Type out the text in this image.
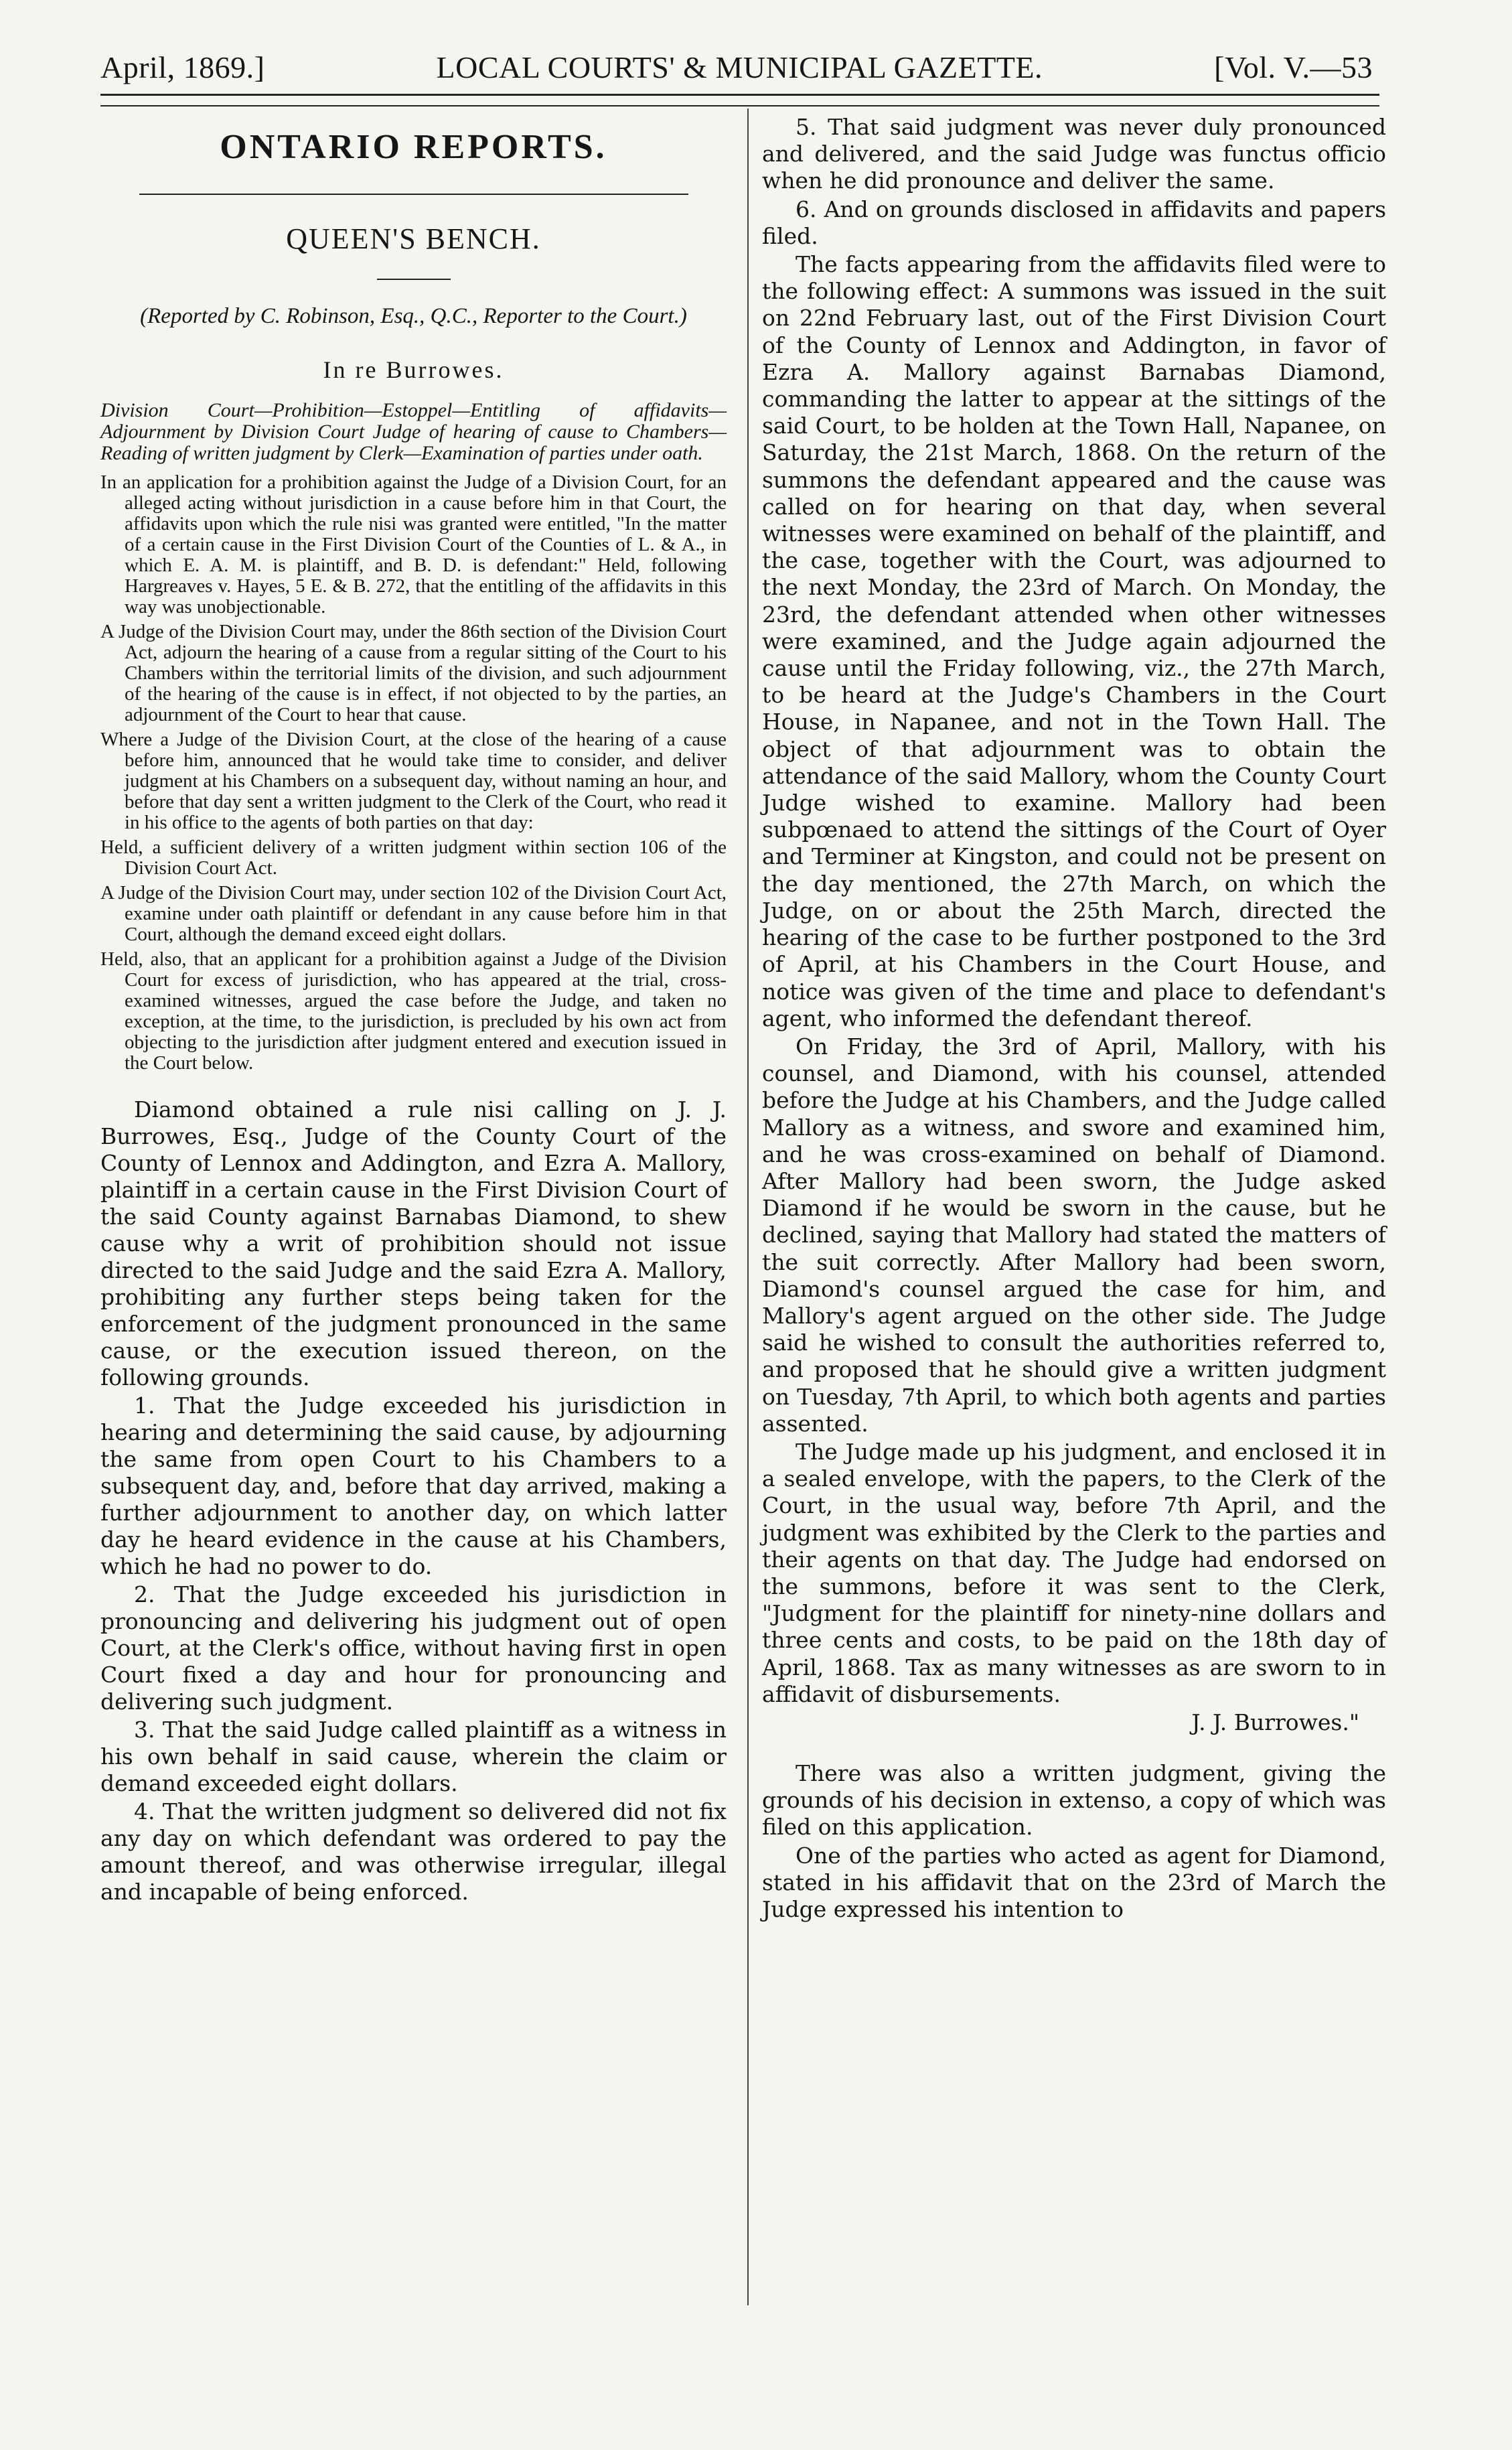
April, 1869.]	LOCAL COURTS' & MUNICIPAL GAZETTE.	[Vol. V.—53
ONTARIO REPORTS.
QUEEN'S BENCH.
(Reported by C. Robinson, Esq., Q.C., Reporter to the Court.)
In re Burrowes.

Division Court—Prohibition—Estoppel—Entitling of affidavits—Adjournment by Division Court Judge of hearing of cause to Chambers—Reading of written judgment by Clerk—Examination of parties under oath.

In an application for a prohibition against the Judge of a Division Court, for an alleged acting without jurisdiction in a cause before him in that Court, the affidavits upon which the rule nisi was granted were entitled, "In the matter of a certain cause in the First Division Court of the Counties of L. & A., in which E. A. M. is plaintiff, and B. D. is defendant:" Held, following Hargreaves v. Hayes, 5 E. & B. 272, that the entitling of the affidavits in this way was unobjectionable.

A Judge of the Division Court may, under the 86th section of the Division Court Act, adjourn the hearing of a cause from a regular sitting of the Court to his Chambers within the territorial limits of the division, and such adjournment of the hearing of the cause is in effect, if not objected to by the parties, an adjournment of the Court to hear that cause.

Where a Judge of the Division Court, at the close of the hearing of a cause before him, announced that he would take time to consider, and deliver judgment at his Chambers on a subsequent day, without naming an hour, and before that day sent a written judgment to the Clerk of the Court, who read it in his office to the agents of both parties on that day:

Held, a sufficient delivery of a written judgment within section 106 of the Division Court Act.

A Judge of the Division Court may, under section 102 of the Division Court Act, examine under oath plaintiff or defendant in any cause before him in that Court, although the demand exceed eight dollars.

Held, also, that an applicant for a prohibition against a Judge of the Division Court for excess of jurisdiction, who has appeared at the trial, cross-examined witnesses, argued the case before the Judge, and taken no exception, at the time, to the jurisdiction, is precluded by his own act from objecting to the jurisdiction after judgment entered and execution issued in the Court below.

Diamond obtained a rule nisi calling on J. J. Burrowes, Esq., Judge of the County Court of the County of Lennox and Addington, and Ezra A. Mallory, plaintiff in a certain cause in the First Division Court of the said County against Barnabas Diamond, to shew cause why a writ of prohibition should not issue directed to the said Judge and the said Ezra A. Mallory, prohibiting any further steps being taken for the enforcement of the judgment pronounced in the same cause, or the execution issued thereon, on the following grounds.

1. That the Judge exceeded his jurisdiction in hearing and determining the said cause, by adjourning the same from open Court to his Chambers to a subsequent day, and, before that day arrived, making a further adjournment to another day, on which latter day he heard evidence in the cause at his Chambers, which he had no power to do.

2. That the Judge exceeded his jurisdiction in pronouncing and delivering his judgment out of open Court, at the Clerk's office, without having first in open Court fixed a day and hour for pronouncing and delivering such judgment.

3. That the said Judge called plaintiff as a witness in his own behalf in said cause, wherein the claim or demand exceeded eight dollars.

4. That the written judgment so delivered did not fix any day on which defendant was ordered to pay the amount thereof, and was otherwise irregular, illegal and incapable of being enforced.

5. That said judgment was never duly pronounced and delivered, and the said Judge was functus officio when he did pronounce and deliver the same.

6. And on grounds disclosed in affidavits and papers filed.

The facts appearing from the affidavits filed were to the following effect: A summons was issued in the suit on 22nd February last, out of the First Division Court of the County of Lennox and Addington, in favor of Ezra A. Mallory against Barnabas Diamond, commanding the latter to appear at the sittings of the said Court, to be holden at the Town Hall, Napanee, on Saturday, the 21st March, 1868. On the return of the summons the defendant appeared and the cause was called on for hearing on that day, when several witnesses were examined on behalf of the plaintiff, and the case, together with the Court, was adjourned to the next Monday, the 23rd of March. On Monday, the 23rd, the defendant attended when other witnesses were examined, and the Judge again adjourned the cause until the Friday following, viz., the 27th March, to be heard at the Judge's Chambers in the Court House, in Napanee, and not in the Town Hall. The object of that adjournment was to obtain the attendance of the said Mallory, whom the County Court Judge wished to examine. Mallory had been subpœnaed to attend the sittings of the Court of Oyer and Terminer at Kingston, and could not be present on the day mentioned, the 27th March, on which the Judge, on or about the 25th March, directed the hearing of the case to be further postponed to the 3rd of April, at his Chambers in the Court House, and notice was given of the time and place to defendant's agent, who informed the defendant thereof.

On Friday, the 3rd of April, Mallory, with his counsel, and Diamond, with his counsel, attended before the Judge at his Chambers, and the Judge called Mallory as a witness, and swore and examined him, and he was cross-examined on behalf of Diamond. After Mallory had been sworn, the Judge asked Diamond if he would be sworn in the cause, but he declined, saying that Mallory had stated the matters of the suit correctly. After Mallory had been sworn, Diamond's counsel argued the case for him, and Mallory's agent argued on the other side. The Judge said he wished to consult the authorities referred to, and proposed that he should give a written judgment on Tuesday, 7th April, to which both agents and parties assented.

The Judge made up his judgment, and enclosed it in a sealed envelope, with the papers, to the Clerk of the Court, in the usual way, before 7th April, and the judgment was exhibited by the Clerk to the parties and their agents on that day. The Judge had endorsed on the summons, before it was sent to the Clerk, "Judgment for the plaintiff for ninety-nine dollars and three cents and costs, to be paid on the 18th day of April, 1868. Tax as many witnesses as are sworn to in affidavit of disbursements.

J. J. Burrowes."

There was also a written judgment, giving the grounds of his decision in extenso, a copy of which was filed on this application.

One of the parties who acted as agent for Diamond, stated in his affidavit that on the 23rd of March the Judge expressed his intention to
